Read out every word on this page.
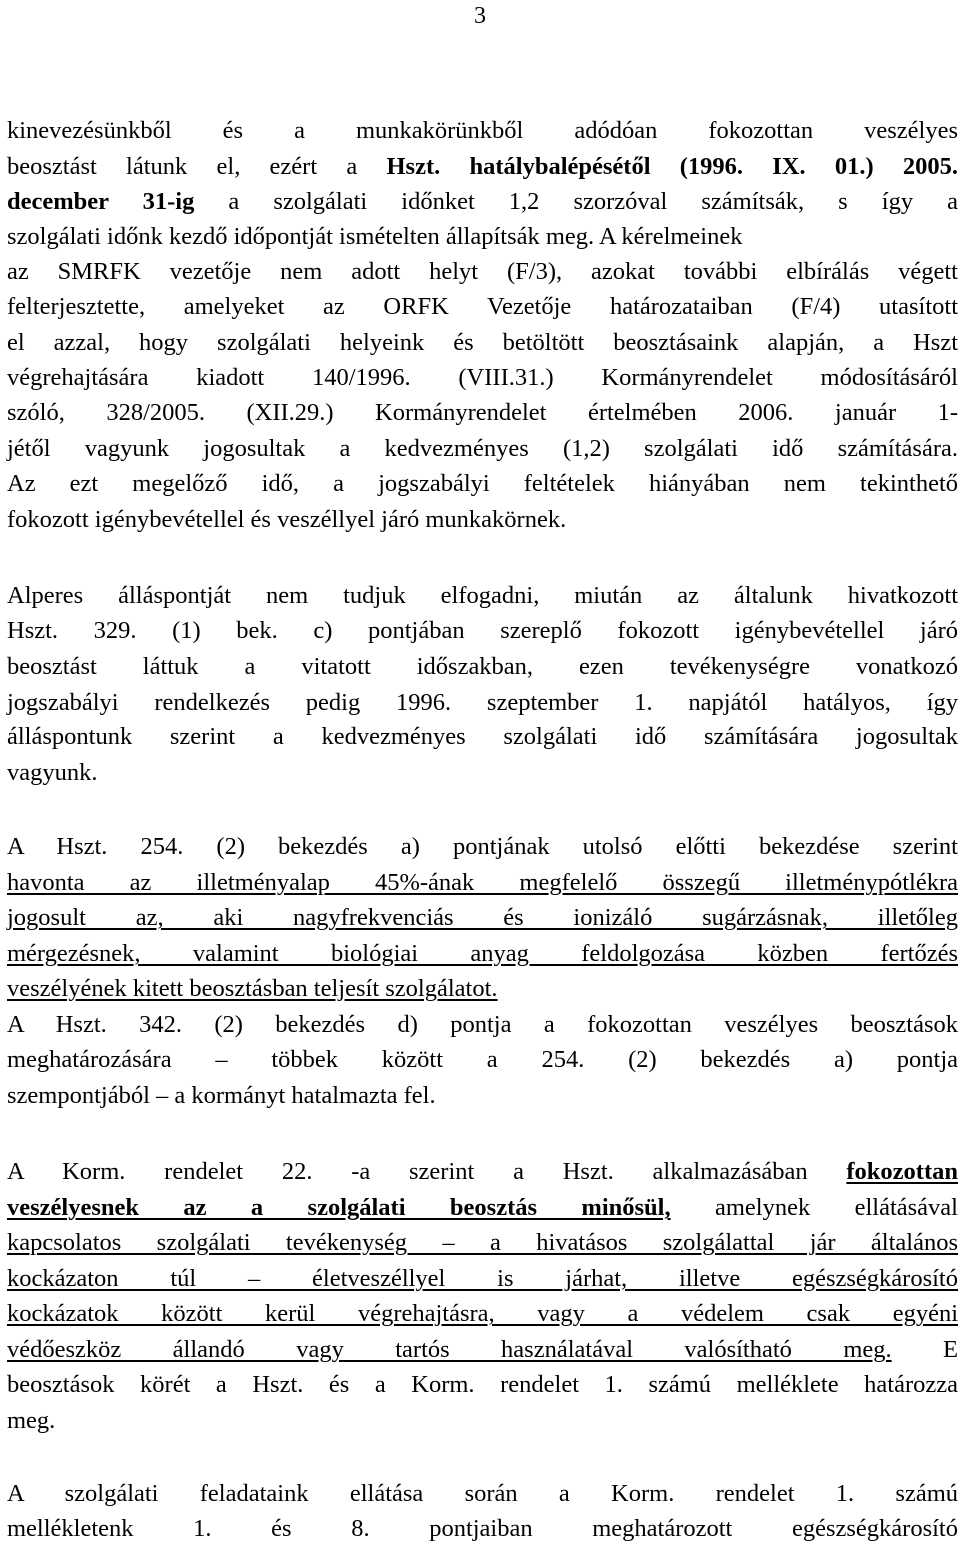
3
kinevezésünkből és a munkakörünkből adódóan fokozottan veszélyes
beosztást látunk el, ezért a Hszt. hatálybalépésétől (1996. IX. 01.) 2005.
december 31-ig a szolgálati időnket 1,2 szorzóval számítsák, s így a
szolgálati időnk kezdő időpontját ismételten állapítsák meg. A kérelmeinek
az SMRFK vezetője nem adott helyt (F/3), azokat további elbírálás végett
felterjesztette, amelyeket az ORFK Vezetője határozataiban (F/4) utasított
el azzal, hogy szolgálati helyeink és betöltött beosztásaink alapján, a Hszt
végrehajtására kiadott 140/1996. (VIII.31.) Kormányrendelet módosításáról
szóló, 328/2005. (XII.29.) Kormányrendelet értelmében 2006. január 1-
jétől vagyunk jogosultak a kedvezményes (1,2) szolgálati idő számítására.
Az ezt megelőző idő, a jogszabályi feltételek hiányában nem tekinthető
fokozott igénybevétellel és veszéllyel járó munkakörnek.
Alperes álláspontját nem tudjuk elfogadni, miután az általunk hivatkozott
Hszt. 329. (1) bek. c) pontjában szereplő fokozott igénybevétellel járó
beosztást láttuk a vitatott időszakban, ezen tevékenységre vonatkozó
jogszabályi rendelkezés pedig 1996. szeptember 1. napjától hatályos, így
álláspontunk szerint a kedvezményes szolgálati idő számítására jogosultak
vagyunk.
A Hszt. 254. (2) bekezdés a) pontjának utolsó előtti bekezdése szerint
havonta az illetményalap 45%-ának megfelelő összegű illetménypótlékra
jogosult az, aki nagyfrekvenciás és ionizáló sugárzásnak, illetőleg
mérgezésnek, valamint biológiai anyag feldolgozása közben fertőzés
veszélyének kitett beosztásban teljesít szolgálatot.
A Hszt. 342. (2) bekezdés d) pontja a fokozottan veszélyes beosztások
meghatározására – többek között a 254. (2) bekezdés a) pontja
szempontjából – a kormányt hatalmazta fel.
A Korm. rendelet 22. -a szerint a Hszt. alkalmazásában fokozottan
veszélyesnek az a szolgálati beosztás minősül, amelynek ellátásával
kapcsolatos szolgálati tevékenység – a hivatásos szolgálattal jár általános
kockázaton túl – életveszéllyel is járhat, illetve egészségkárosító
kockázatok között kerül végrehajtásra, vagy a védelem csak egyéni
védőeszköz állandó vagy tartós használatával valósítható meg. E
beosztások körét a Hszt. és a Korm. rendelet 1. számú melléklete határozza
meg.
A szolgálati feladataink ellátása során a Korm. rendelet 1. számú
mellékletenk 1. és 8. pontjaiban meghatározott egészségkárosító
